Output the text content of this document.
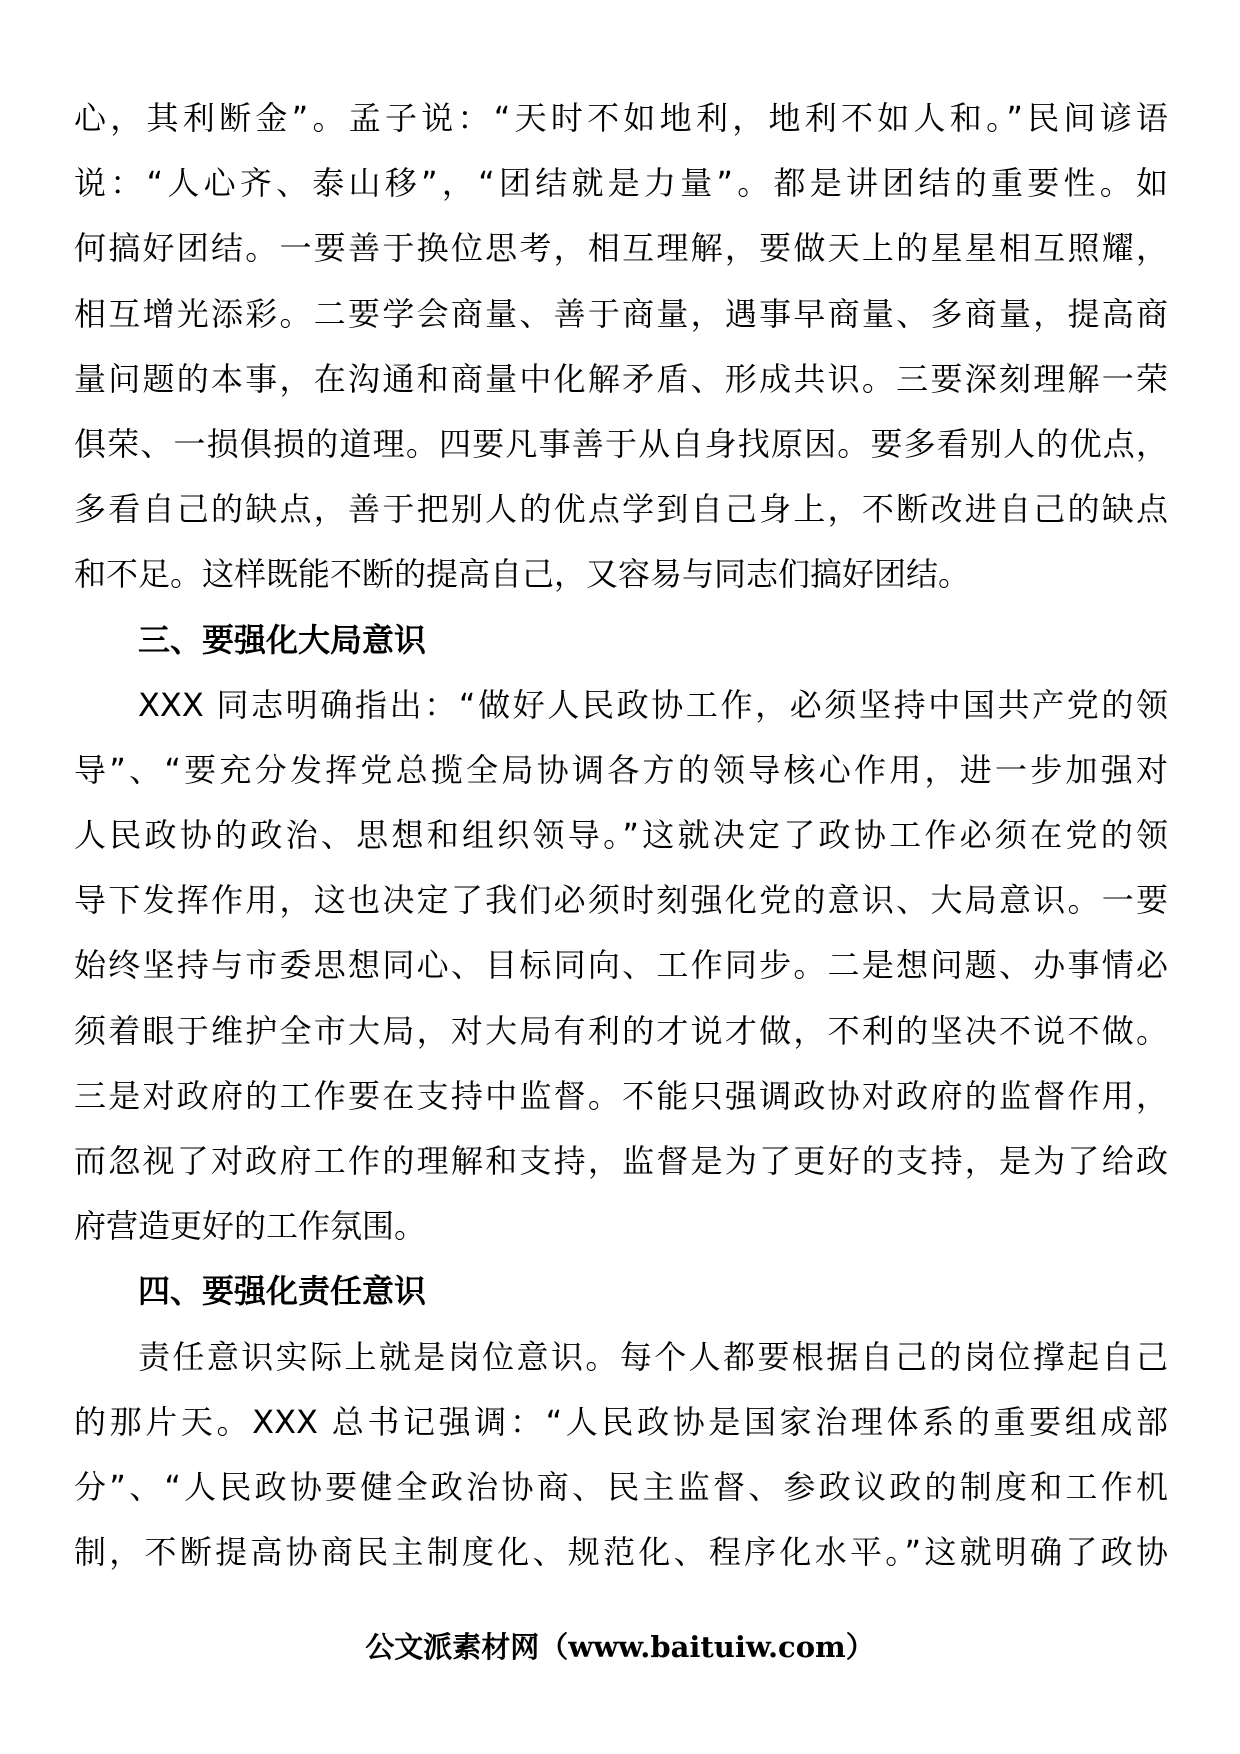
心，其利断金”。孟子说：“天时不如地利，地利不如人和。”民间谚语
说：“人心齐、泰山移”，“团结就是力量”。都是讲团结的重要性。如
何搞好团结。一要善于换位思考，相互理解，要做天上的星星相互照耀，
相互增光添彩。二要学会商量、善于商量，遇事早商量、多商量，提高商
量问题的本事，在沟通和商量中化解矛盾、形成共识。三要深刻理解一荣
俱荣、一损俱损的道理。四要凡事善于从自身找原因。要多看别人的优点，
多看自己的缺点，善于把别人的优点学到自己身上，不断改进自己的缺点
和不足。这样既能不断的提高自己，又容易与同志们搞好团结。
三、要强化大局意识
XXX 同志明确指出：“做好人民政协工作，必须坚持中国共产党的领
导”、“要充分发挥党总揽全局协调各方的领导核心作用，进一步加强对
人民政协的政治、思想和组织领导。”这就决定了政协工作必须在党的领
导下发挥作用，这也决定了我们必须时刻强化党的意识、大局意识。一要
始终坚持与市委思想同心、目标同向、工作同步。二是想问题、办事情必
须着眼于维护全市大局，对大局有利的才说才做，不利的坚决不说不做。
三是对政府的工作要在支持中监督。不能只强调政协对政府的监督作用，
而忽视了对政府工作的理解和支持，监督是为了更好的支持，是为了给政
府营造更好的工作氛围。
四、要强化责任意识
责任意识实际上就是岗位意识。每个人都要根据自己的岗位撑起自己
的那片天。XXX 总书记强调：“人民政协是国家治理体系的重要组成部
分”、“人民政协要健全政治协商、民主监督、参政议政的制度和工作机
制，不断提高协商民主制度化、规范化、程序化水平。”这就明确了政协
公文派素材网（www.baituiw.com）
